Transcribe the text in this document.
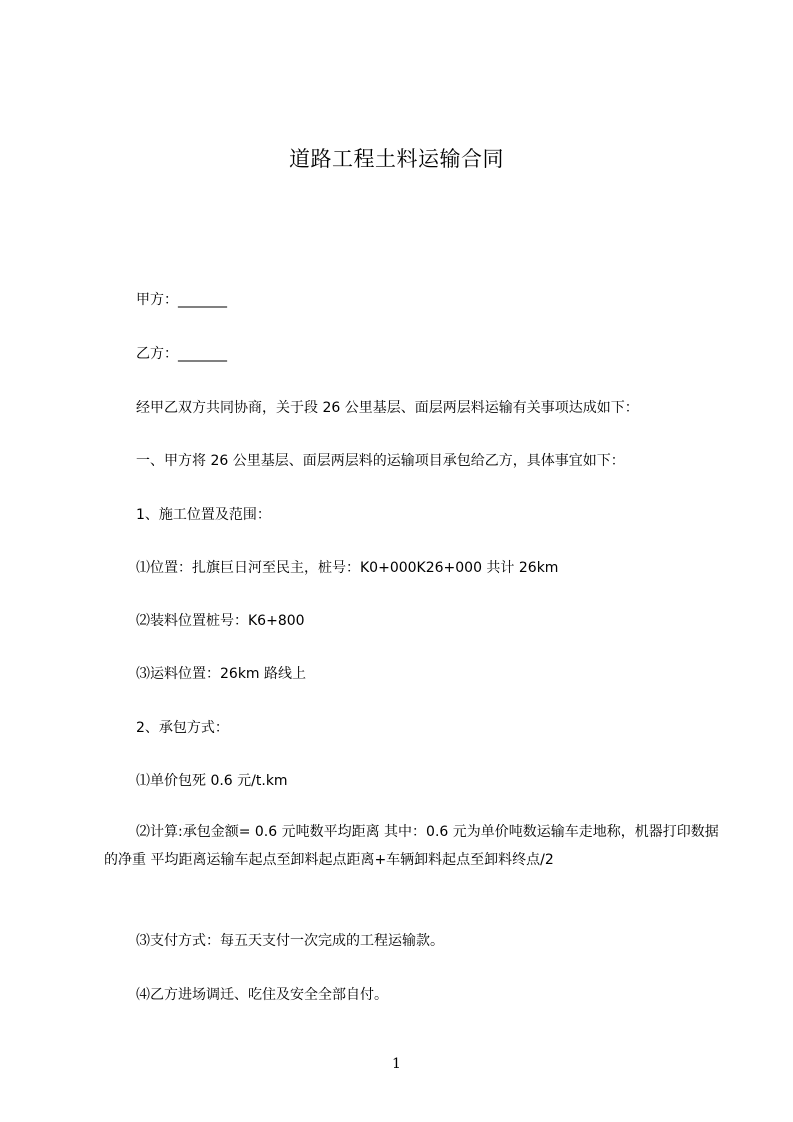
道路工程土料运输合同
甲方：_______
乙方：_______
经甲乙双方共同协商，关于段 26 公里基层、面层两层料运输有关事项达成如下：
一、甲方将 26 公里基层、面层两层料的运输项目承包给乙方，具体事宜如下：
1、施工位置及范围：
⑴位置：扎旗巨日河至民主，桩号：K0+000K26+000 共计 26km
⑵装料位置桩号：K6+800
⑶运料位置：26km 路线上
2、承包方式：
⑴单价包死 0.6 元/t.km
⑵计算:承包金额= 0.6 元吨数平均距离 其中：0.6 元为单价吨数运输车走地称，机器打印数据的净重 平均距离运输车起点至卸料起点距离+车辆卸料起点至卸料终点/2
⑶支付方式：每五天支付一次完成的工程运输款。
⑷乙方进场调迁、吃住及安全全部自付。
1
